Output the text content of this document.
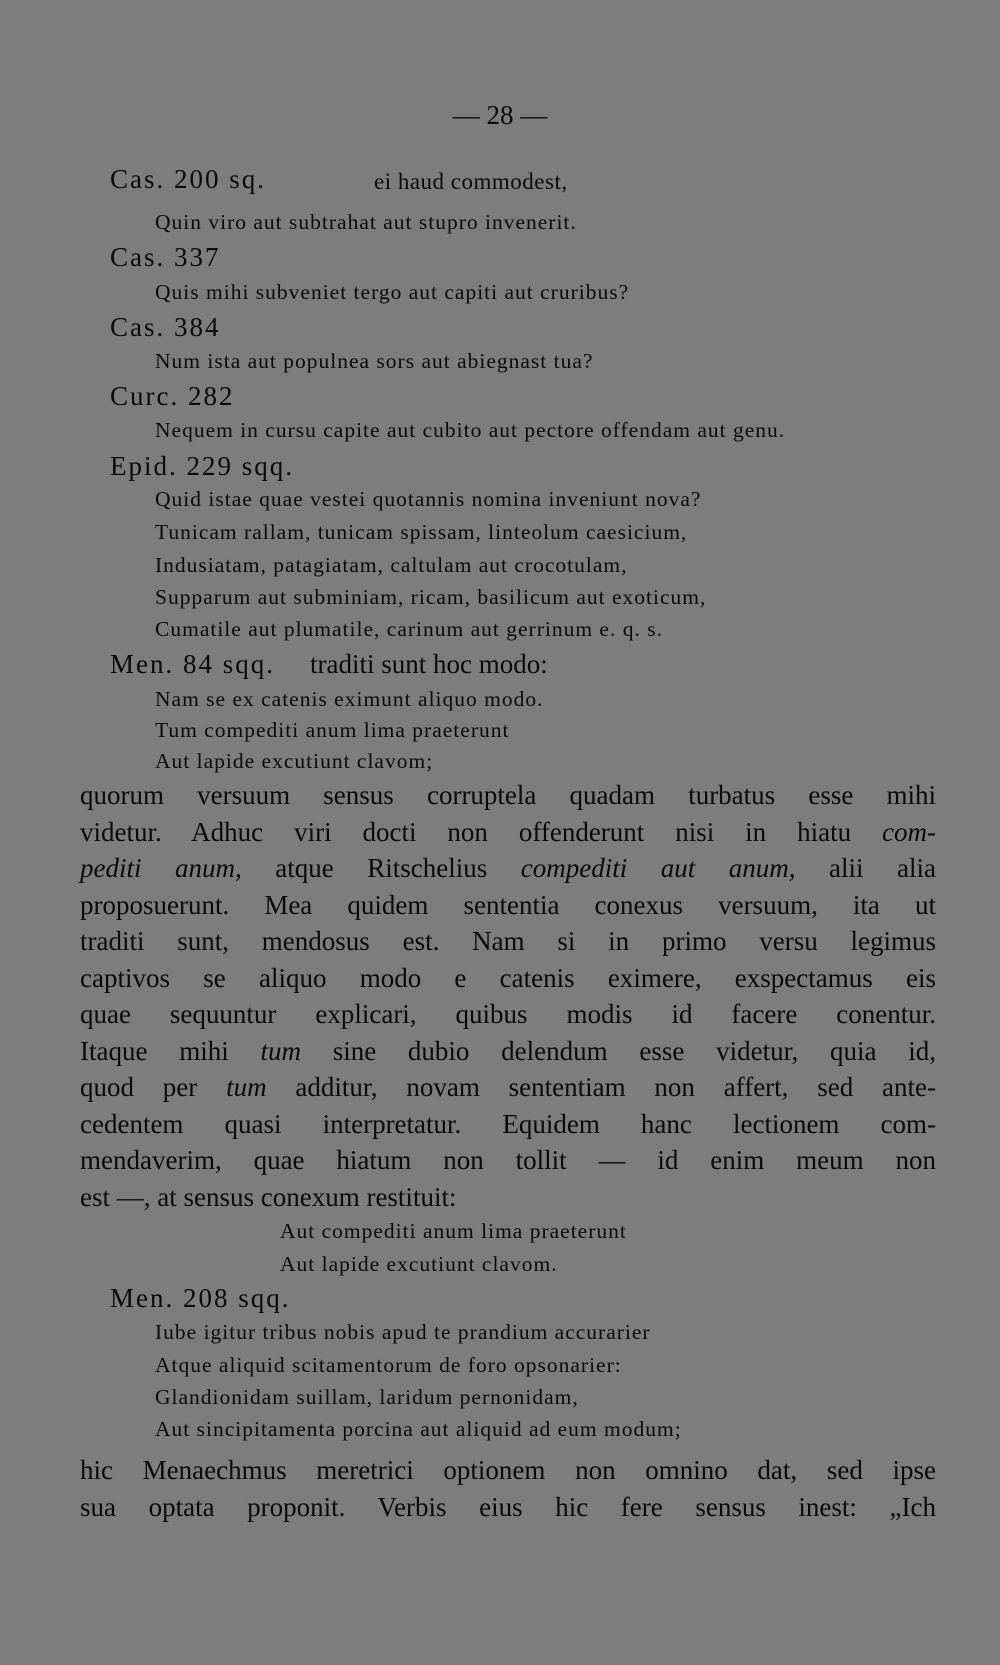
— 28 —
Cas. 200 sq.	ei haud commodest,
Quin viro aut subtrahat aut stupro invenerit.
Cas. 337
Quis mihi subveniet tergo aut capiti aut cruribus?
Cas. 384
Num ista aut populnea sors aut abiegnast tua?
Curc. 282
Nequem in cursu capite aut cubito aut pectore offendam aut genu.
Epid. 229 sqq.
Quid istae quae vestei quotannis nomina inveniunt nova?
Tunicam rallam, tunicam spissam, linteolum caesicium,
Indusiatam, patagiatam, caltulam aut crocotulam,
Supparum aut subminiam, ricam, basilicum aut exoticum,
Cumatile aut plumatile, carinum aut gerrinum e. q. s.
Men. 84 sqq. traditi sunt hoc modo:
Nam se ex catenis eximunt aliquo modo.
Tum compediti anum lima praeterunt
Aut lapide excutiunt clavom;
quorum versuum sensus corruptela quadam turbatus esse mihi
videtur. Adhuc viri docti non offenderunt nisi in hiatu com-
pediti anum, atque Ritschelius compediti aut anum, alii alia
proposuerunt. Mea quidem sententia conexus versuum, ita ut
traditi sunt, mendosus est. Nam si in primo versu legimus
captivos se aliquo modo e catenis eximere, exspectamus eis
quae sequuntur explicari, quibus modis id facere conentur.
Itaque mihi tum sine dubio delendum esse videtur, quia id,
quod per tum additur, novam sententiam non affert, sed ante-
cedentem quasi interpretatur. Equidem hanc lectionem com-
mendaverim, quae hiatum non tollit — id enim meum non
est —, at sensus conexum restituit:
Aut compediti anum lima praeterunt
Aut lapide excutiunt clavom.
Men. 208 sqq.
Iube igitur tribus nobis apud te prandium accurarier
Atque aliquid scitamentorum de foro opsonarier:
Glandionidam suillam, laridum pernonidam,
Aut sincipitamenta porcina aut aliquid ad eum modum;
hic Menaechmus meretrici optionem non omnino dat, sed ipse
sua optata proponit. Verbis eius hic fere sensus inest: „Ich
